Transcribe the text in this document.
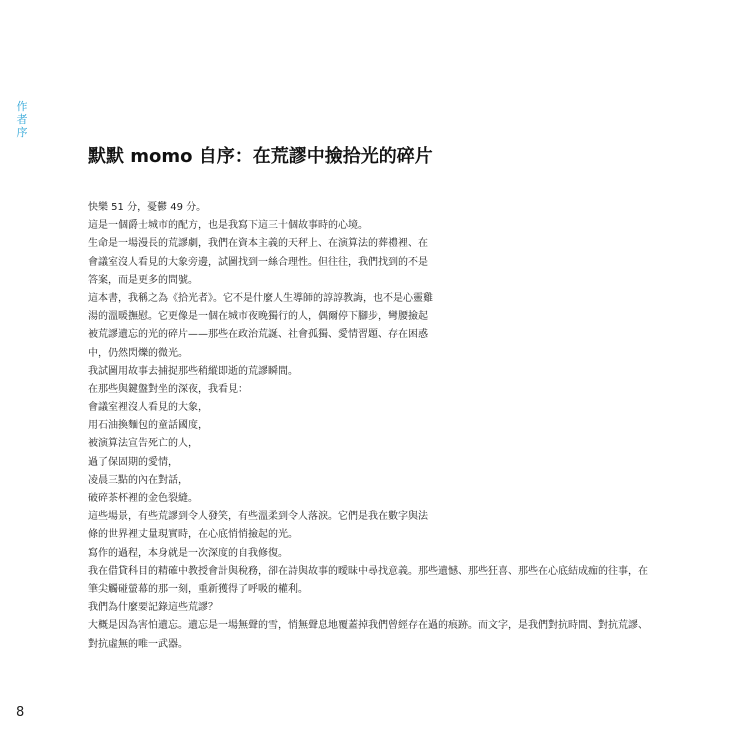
作
者
序
默默 momo 自序：在荒謬中撿拾光的碎片
快樂 51 分，憂鬱 49 分。
這是一個爵士城市的配方，也是我寫下這三十個故事時的心境。
生命是一場漫長的荒謬劇，我們在資本主義的天秤上、在演算法的葬禮裡、在
會議室沒人看見的大象旁邊，試圖找到一絲合理性。但往往，我們找到的不是
答案，而是更多的問號。
這本書，我稱之為《拾光者》。它不是什麼人生導師的諄諄教誨，也不是心靈雞
湯的溫暖撫慰。它更像是一個在城市夜晚獨行的人，偶爾停下腳步，彎腰撿起
被荒謬遺忘的光的碎片——那些在政治荒誕、社會孤獨、愛情習題、存在困惑
中，仍然閃爍的微光。
我試圖用故事去捕捉那些稍縱即逝的荒謬瞬間。
在那些與鍵盤對坐的深夜，我看見：
會議室裡沒人看見的大象，
用石油換麵包的童話國度，
被演算法宣告死亡的人，
過了保固期的愛情，
凌晨三點的內在對話，
破碎茶杯裡的金色裂縫。
這些場景，有些荒謬到令人發笑，有些溫柔到令人落淚。它們是我在數字與法
條的世界裡丈量現實時，在心底悄悄撿起的光。
寫作的過程，本身就是一次深度的自我修復。
我在借貸科目的精確中教授會計與稅務，卻在詩與故事的曖昧中尋找意義。那些遺憾、那些狂喜、那些在心底結成痂的往事，在
筆尖觸碰螢幕的那一刻，重新獲得了呼吸的權利。
我們為什麼要記錄這些荒謬？
大概是因為害怕遺忘。遺忘是一場無聲的雪，悄無聲息地覆蓋掉我們曾經存在過的痕跡。而文字，是我們對抗時間、對抗荒謬、
對抗虛無的唯一武器。
8
